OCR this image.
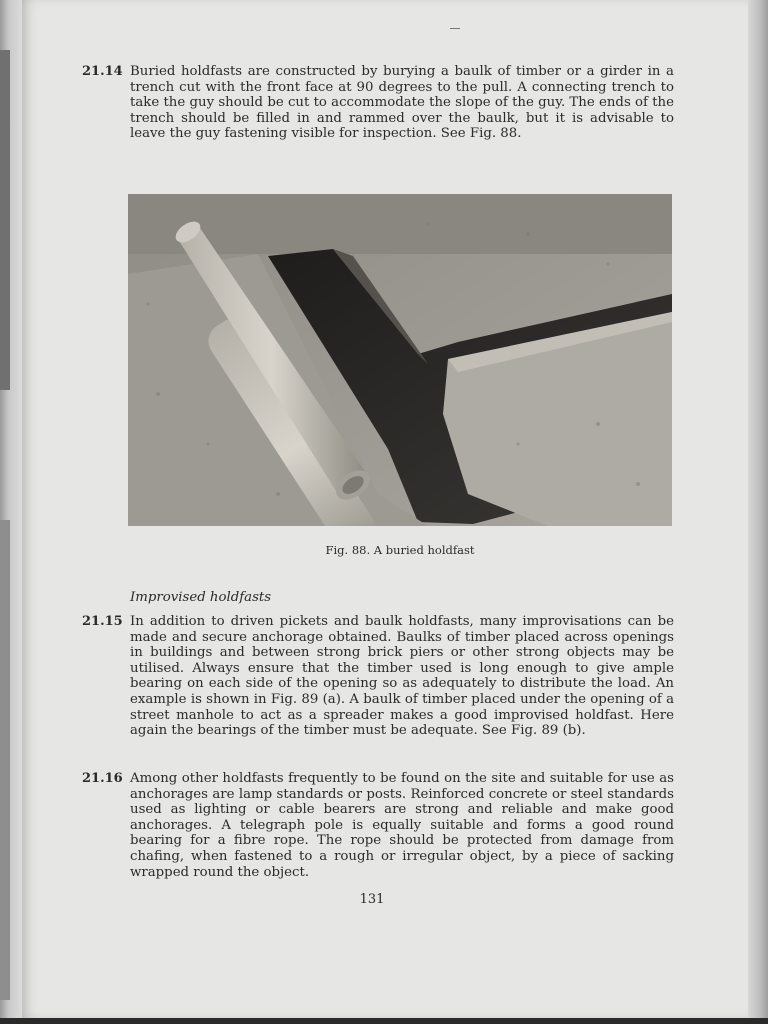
21.14 Buried holdfasts are constructed by burying a baulk of timber or a girder in a trench cut with the front face at 90 degrees to the pull. A connecting trench to take the guy should be cut to accommodate the slope of the guy. The ends of the trench should be filled in and rammed over the baulk, but it is advisable to leave the guy fastening visible for inspection. See Fig. 88.
Fig. 88. A buried holdfast
Improvised holdfasts
21.15 In addition to driven pickets and baulk holdfasts, many improvisations can be made and secure anchorage obtained. Baulks of timber placed across openings in buildings and between strong brick piers or other strong objects may be utilised. Always ensure that the timber used is long enough to give ample bearing on each side of the opening so as adequately to distribute the load. An example is shown in Fig. 89 (a). A baulk of timber placed under the opening of a street manhole to act as a spreader makes a good improvised holdfast. Here again the bearings of the timber must be adequate. See Fig. 89 (b).
21.16 Among other holdfasts frequently to be found on the site and suitable for use as anchorages are lamp standards or posts. Reinforced concrete or steel standards used as lighting or cable bearers are strong and reliable and make good anchorages. A telegraph pole is equally suitable and forms a good round bearing for a fibre rope. The rope should be protected from damage from chafing, when fastened to a rough or irregular object, by a piece of sacking wrapped round the object.
131
